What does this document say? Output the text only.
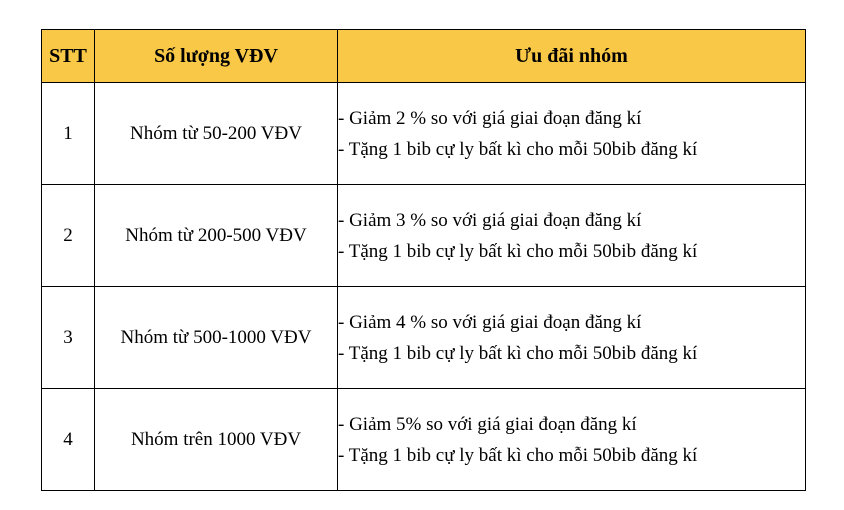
STT	Số lượng VĐV	Ưu đãi nhóm
1	Nhóm từ 50-200 VĐV	- Giảm 2 % so với giá giai đoạn đăng kí
- Tặng 1 bib cự ly bất kì cho mỗi 50bib đăng kí

2	Nhóm từ 200-500 VĐV	- Giảm 3 % so với giá giai đoạn đăng kí
- Tặng 1 bib cự ly bất kì cho mỗi 50bib đăng kí

3	Nhóm từ 500-1000 VĐV	- Giảm 4 % so với giá giai đoạn đăng kí
- Tặng 1 bib cự ly bất kì cho mỗi 50bib đăng kí

4	Nhóm trên 1000 VĐV	- Giảm 5% so với giá giai đoạn đăng kí
- Tặng 1 bib cự ly bất kì cho mỗi 50bib đăng kí
